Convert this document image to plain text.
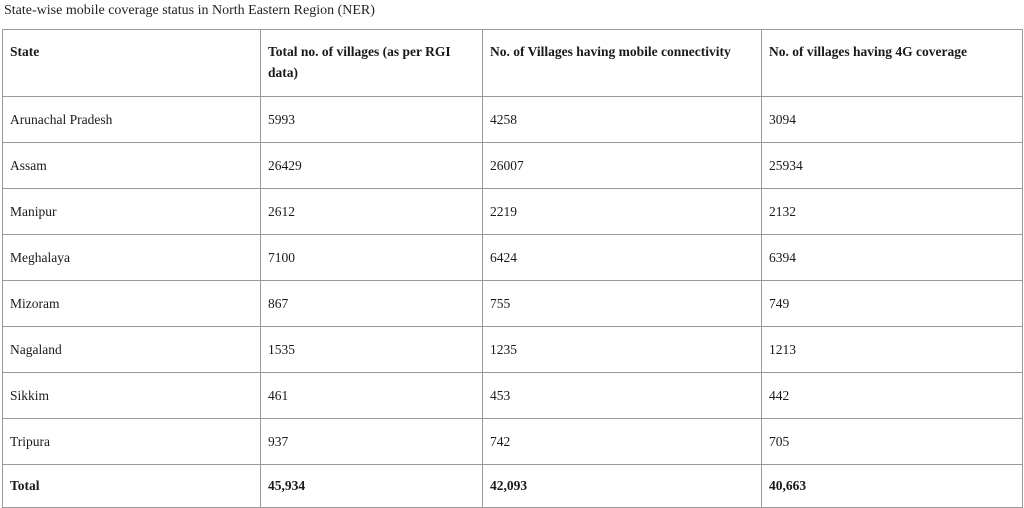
State-wise mobile coverage status in North Eastern Region (NER)
State	Total no. of villages (as per RGI data)	No. of Villages having mobile connectivity	No. of villages having 4G coverage
Arunachal Pradesh	5993	4258	3094
Assam	26429	26007	25934
Manipur	2612	2219	2132
Meghalaya	7100	6424	6394
Mizoram	867	755	749
Nagaland	1535	1235	1213
Sikkim	461	453	442
Tripura	937	742	705
Total	45,934	42,093	40,663
